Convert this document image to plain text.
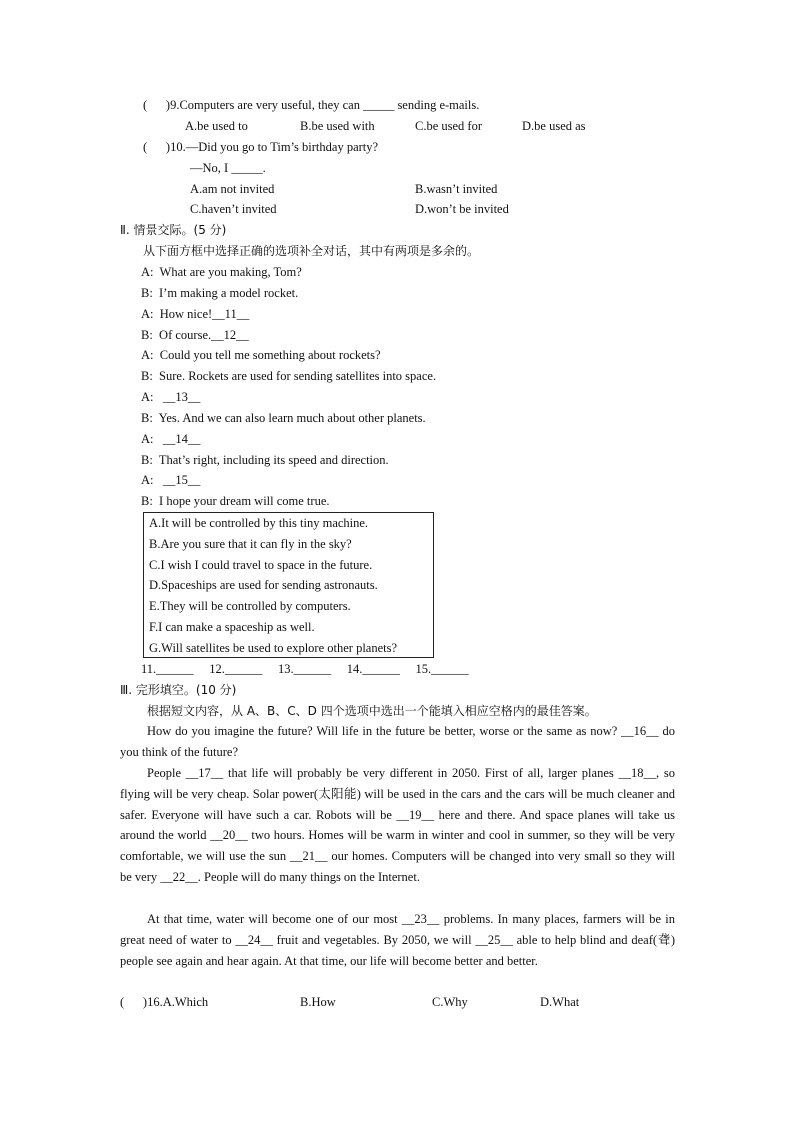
(      )9.Computers are very useful, they can _____ sending e-mails.
A.be used to	B.be used with	C.be used for	D.be used as
(      )10.—Did you go to Tim’s birthday party?
—No, I _____.
A.am not invited	B.wasn’t invited
C.haven’t invited	D.won’t be invited
Ⅱ. 情景交际。(5 分)
从下面方框中选择正确的选项补全对话，其中有两项是多余的。
A:  What are you making, Tom?
B:  I’m making a model rocket.
A:  How nice!__11__
B:  Of course.__12__
A:  Could you tell me something about rockets?
B:  Sure. Rockets are used for sending satellites into space.
A:   __13__
B:  Yes. And we can also learn much about other planets.
A:   __14__
B:  That’s right, including its speed and direction.
A:   __15__
B:  I hope your dream will come true.
A.It will be controlled by this tiny machine.
B.Are you sure that it can fly in the sky?
C.I wish I could travel to space in the future.
D.Spaceships are used for sending astronauts.
E.They will be controlled by computers.
F.I can make a spaceship as well.
G.Will satellites be used to explore other planets?
11.______     12.______     13.______     14.______     15.______
Ⅲ. 完形填空。(10 分)
根据短文内容，从 A、B、C、D 四个选项中选出一个能填入相应空格内的最佳答案。
How do you imagine the future? Will life in the future be better, worse or the same as now? __16__ do you think of the future?
People __17__ that life will probably be very different in 2050. First of all, larger planes __18__, so flying will be very cheap. Solar power(太阳能) will be used in the cars and the cars will be much cleaner and safer. Everyone will have such a car. Robots will be __19__ here and there. And space planes will take us around the world __20__ two hours. Homes will be warm in winter and cool in summer, so they will be very comfortable, we will use the sun __21__ our homes. Computers will be changed into very small so they will be very __22__. People will do many things on the Internet.
At that time, water will become one of our most __23__ problems. In many places, farmers will be in great need of water to __24__ fruit and vegetables. By 2050, we will __25__ able to help blind and deaf(聋) people see again and hear again. At that time, our life will become better and better.
(      )16.A.Which	B.How	C.Why	D.What
